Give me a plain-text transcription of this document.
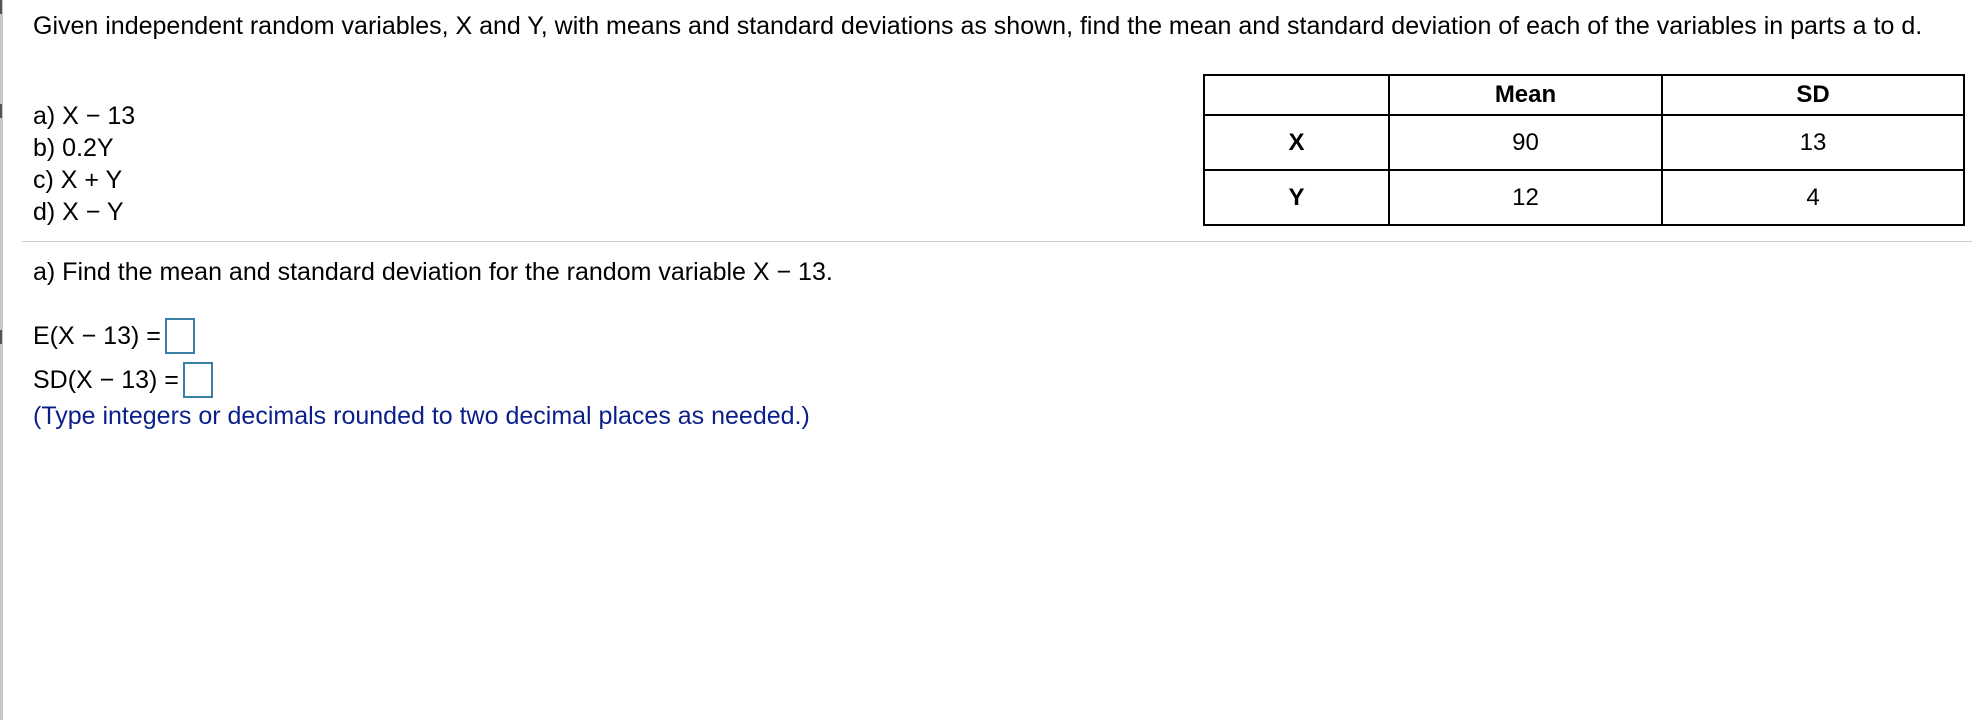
Given independent random variables, X and Y, with means and standard deviations as shown, find the mean and standard deviation of each of the variables in parts a to d.
a) X − 13
b) 0.2Y
c) X + Y
d) X − Y
	Mean	SD
X	90	13
Y	12	4
a) Find the mean and standard deviation for the random variable X − 13.
E(X − 13) =
SD(X − 13) =
(Type integers or decimals rounded to two decimal places as needed.)
